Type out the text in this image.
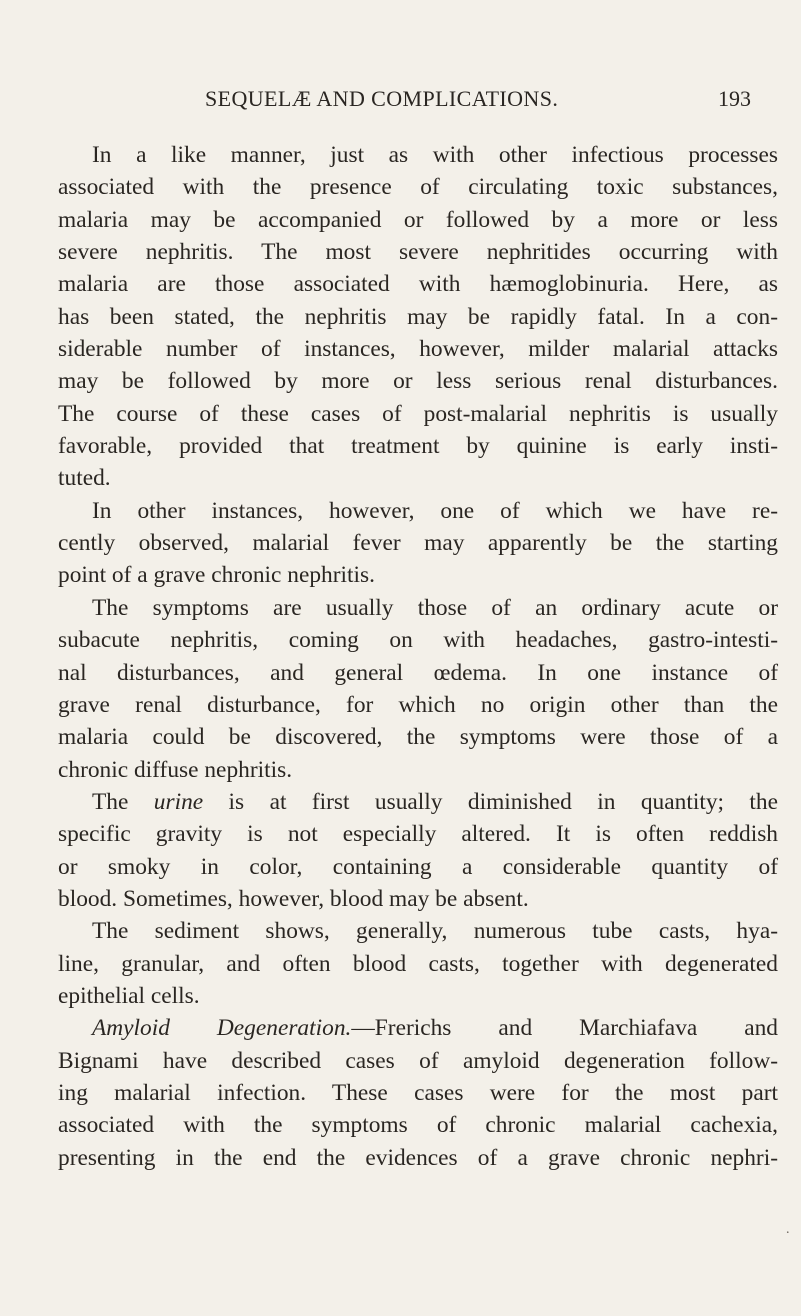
SEQUELÆ AND COMPLICATIONS.	193
In a like manner, just as with other infectious processes
associated with the presence of circulating toxic substances,
malaria may be accompanied or followed by a more or less
severe nephritis. The most severe nephritides occurring with
malaria are those associated with hæmoglobinuria. Here, as
has been stated, the nephritis may be rapidly fatal. In a con-
siderable number of instances, however, milder malarial attacks
may be followed by more or less serious renal disturbances.
The course of these cases of post-malarial nephritis is usually
favorable, provided that treatment by quinine is early insti-
tuted.
In other instances, however, one of which we have re-
cently observed, malarial fever may apparently be the starting
point of a grave chronic nephritis.
The symptoms are usually those of an ordinary acute or
subacute nephritis, coming on with headaches, gastro-intesti-
nal disturbances, and general œdema. In one instance of
grave renal disturbance, for which no origin other than the
malaria could be discovered, the symptoms were those of a
chronic diffuse nephritis.
The urine is at first usually diminished in quantity; the
specific gravity is not especially altered. It is often reddish
or smoky in color, containing a considerable quantity of
blood. Sometimes, however, blood may be absent.
The sediment shows, generally, numerous tube casts, hya-
line, granular, and often blood casts, together with degenerated
epithelial cells.
Amyloid Degeneration.—Frerichs and Marchiafava and
Bignami have described cases of amyloid degeneration follow-
ing malarial infection. These cases were for the most part
associated with the symptoms of chronic malarial cachexia,
presenting in the end the evidences of a grave chronic nephri-
.
